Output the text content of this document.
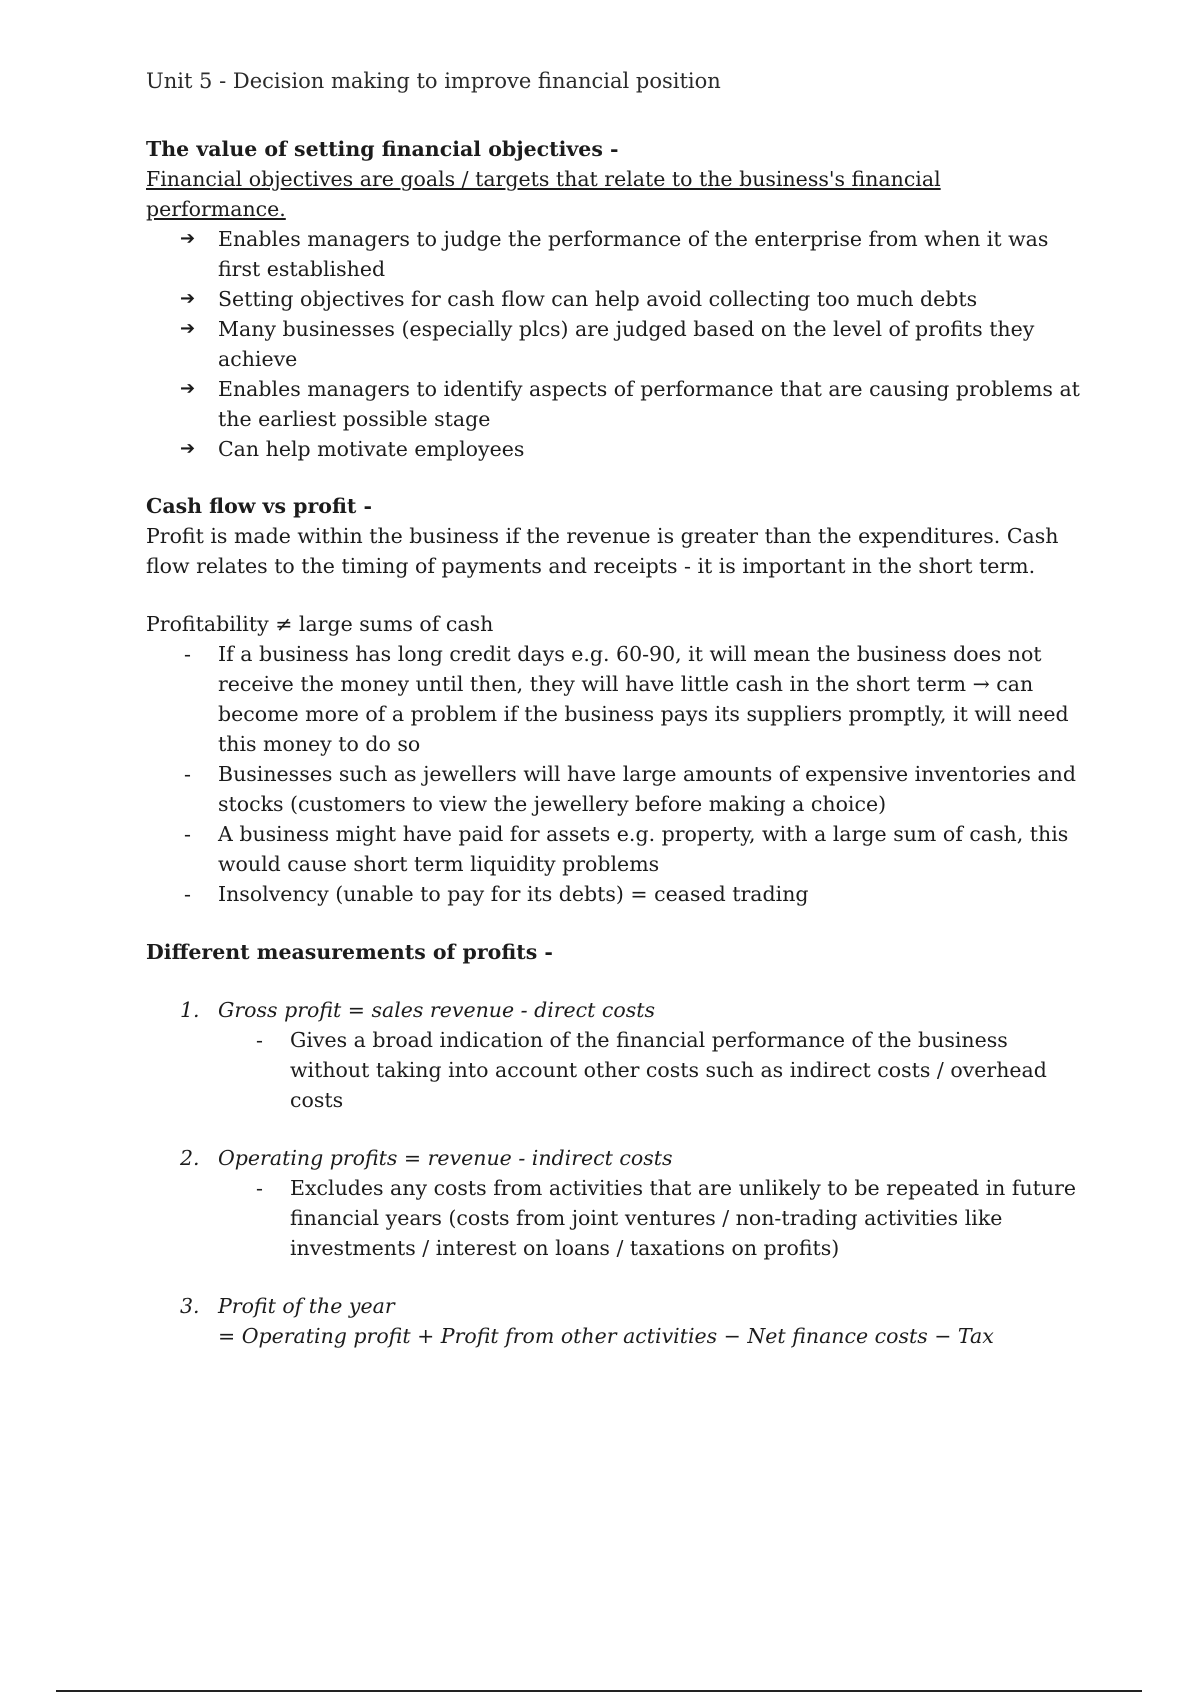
Unit 5 - Decision making to improve financial position

The value of setting financial objectives -

Financial objectives are goals / targets that relate to the business's financial performance.

➔	Enables managers to judge the performance of the enterprise from when it was first established
➔	Setting objectives for cash flow can help avoid collecting too much debts
➔	Many businesses (especially plcs) are judged based on the level of profits they achieve
➔	Enables managers to identify aspects of performance that are causing problems at the earliest possible stage
➔	Can help motivate employees

Cash flow vs profit -

Profit is made within the business if the revenue is greater than the expenditures. Cash flow relates to the timing of payments and receipts - it is important in the short term.

Profitability ≠ large sums of cash

-	If a business has long credit days e.g. 60-90, it will mean the business does not receive the money until then, they will have little cash in the short term → can become more of a problem if the business pays its suppliers promptly, it will need this money to do so
-	Businesses such as jewellers will have large amounts of expensive inventories and stocks (customers to view the jewellery before making a choice)
-	A business might have paid for assets e.g. property, with a large sum of cash, this would cause short term liquidity problems
-	Insolvency (unable to pay for its debts) = ceased trading

Different measurements of profits -

1. Gross profit = sales revenue - direct costs
-	Gives a broad indication of the financial performance of the business without taking into account other costs such as indirect costs / overhead costs
2. Operating profits = revenue - indirect costs
-	Excludes any costs from activities that are unlikely to be repeated in future financial years (costs from joint ventures / non-trading activities like investments / interest on loans / taxations on profits)
3. Profit of the year

= Operating profit + Profit from other activities − Net finance costs − Tax
